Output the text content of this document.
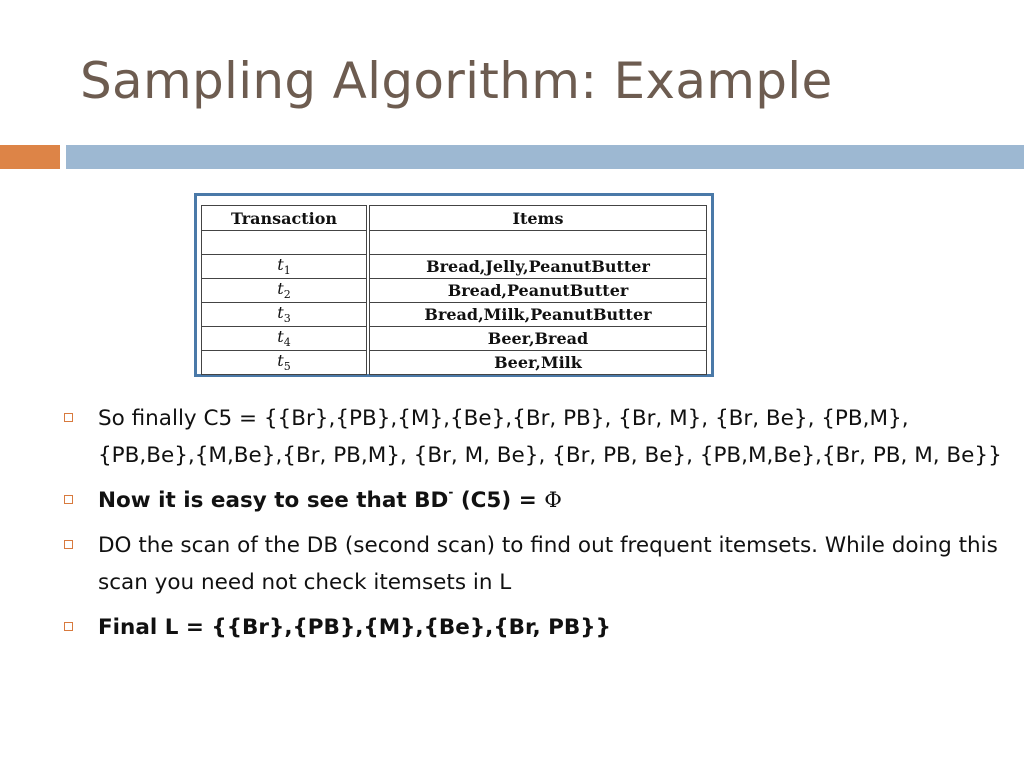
Sampling Algorithm: Example
Transaction	Items

$t_1$	Bread,Jelly,PeanutButter
$t_2$	Bread,PeanutButter
$t_3$	Bread,Milk,PeanutButter
$t_4$	Beer,Bread
$t_5$	Beer,Milk
So finally C5 = {{Br},{PB},{M},{Be},{Br, PB}, {Br, M}, {Br, Be}, {PB,M}, {PB,Be},{M,Be},{Br, PB,M}, {Br, M, Be}, {Br, PB, Be}, {PB,M,Be},{Br, PB, M, Be}}
Now it is easy to see that BD- (C5) = Φ
DO the scan of the DB (second scan) to find out frequent itemsets. While doing this scan you need not check itemsets in L
Final L = {{Br},{PB},{M},{Be},{Br, PB}}
